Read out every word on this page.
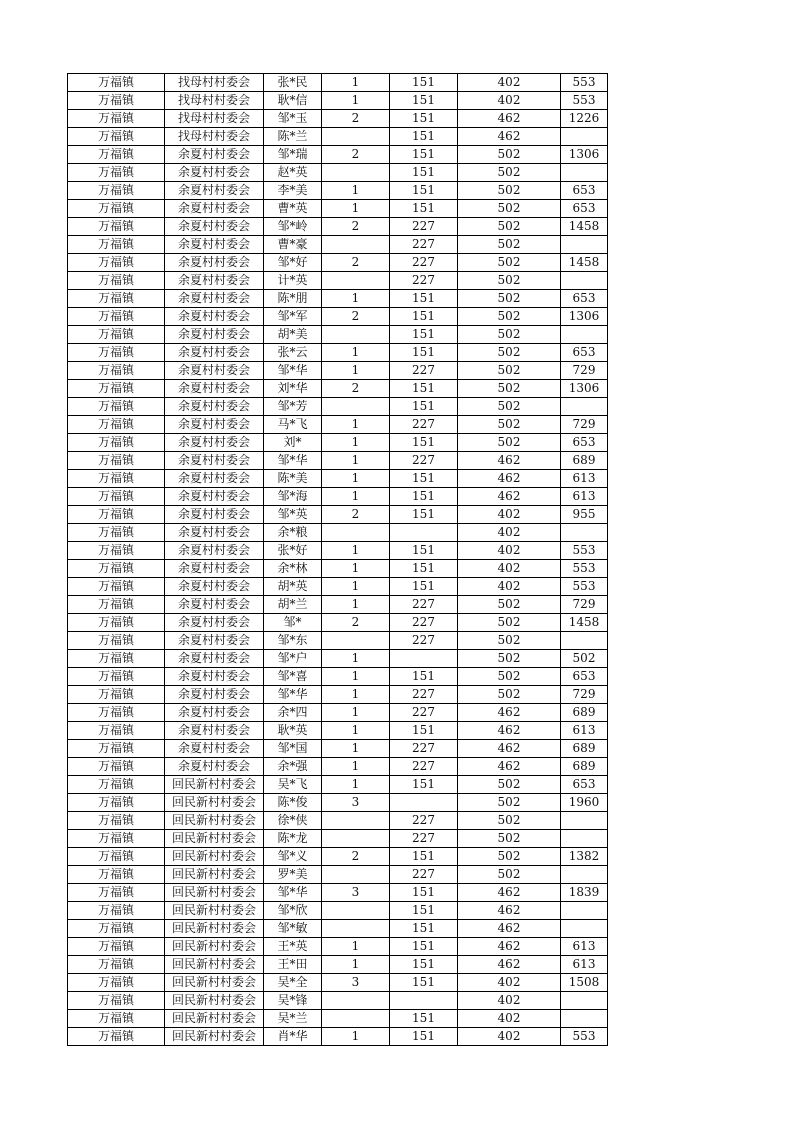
万福镇	找母村村委会	张*民	1	151	402	553
万福镇	找母村村委会	耿*信	1	151	402	553
万福镇	找母村村委会	邹*玉	2	151	462	1226
万福镇	找母村村委会	陈*兰		151	462	
万福镇	余夏村村委会	邹*瑞	2	151	502	1306
万福镇	余夏村村委会	赵*英		151	502	
万福镇	余夏村村委会	李*美	1	151	502	653
万福镇	余夏村村委会	曹*英	1	151	502	653
万福镇	余夏村村委会	邹*岭	2	227	502	1458
万福镇	余夏村村委会	曹*豪		227	502	
万福镇	余夏村村委会	邹*好	2	227	502	1458
万福镇	余夏村村委会	计*英		227	502	
万福镇	余夏村村委会	陈*朋	1	151	502	653
万福镇	余夏村村委会	邹*军	2	151	502	1306
万福镇	余夏村村委会	胡*美		151	502	
万福镇	余夏村村委会	张*云	1	151	502	653
万福镇	余夏村村委会	邹*华	1	227	502	729
万福镇	余夏村村委会	刘*华	2	151	502	1306
万福镇	余夏村村委会	邹*芳		151	502	
万福镇	余夏村村委会	马*飞	1	227	502	729
万福镇	余夏村村委会	刘*	1	151	502	653
万福镇	余夏村村委会	邹*华	1	227	462	689
万福镇	余夏村村委会	陈*美	1	151	462	613
万福镇	余夏村村委会	邹*海	1	151	462	613
万福镇	余夏村村委会	邹*英	2	151	402	955
万福镇	余夏村村委会	余*粮			402	
万福镇	余夏村村委会	张*好	1	151	402	553
万福镇	余夏村村委会	余*林	1	151	402	553
万福镇	余夏村村委会	胡*英	1	151	402	553
万福镇	余夏村村委会	胡*兰	1	227	502	729
万福镇	余夏村村委会	邹*	2	227	502	1458
万福镇	余夏村村委会	邹*东		227	502	
万福镇	余夏村村委会	邹*户	1		502	502
万福镇	余夏村村委会	邹*喜	1	151	502	653
万福镇	余夏村村委会	邹*华	1	227	502	729
万福镇	余夏村村委会	余*四	1	227	462	689
万福镇	余夏村村委会	耿*英	1	151	462	613
万福镇	余夏村村委会	邹*国	1	227	462	689
万福镇	余夏村村委会	余*强	1	227	462	689
万福镇	回民新村村委会	吴*飞	1	151	502	653
万福镇	回民新村村委会	陈*俊	3		502	1960
万福镇	回民新村村委会	徐*侠		227	502	
万福镇	回民新村村委会	陈*龙		227	502	
万福镇	回民新村村委会	邹*义	2	151	502	1382
万福镇	回民新村村委会	罗*美		227	502	
万福镇	回民新村村委会	邹*华	3	151	462	1839
万福镇	回民新村村委会	邹*欣		151	462	
万福镇	回民新村村委会	邹*敏		151	462	
万福镇	回民新村村委会	王*英	1	151	462	613
万福镇	回民新村村委会	王*田	1	151	462	613
万福镇	回民新村村委会	吴*全	3	151	402	1508
万福镇	回民新村村委会	吴*锋			402	
万福镇	回民新村村委会	吴*兰		151	402	
万福镇	回民新村村委会	肖*华	1	151	402	553
